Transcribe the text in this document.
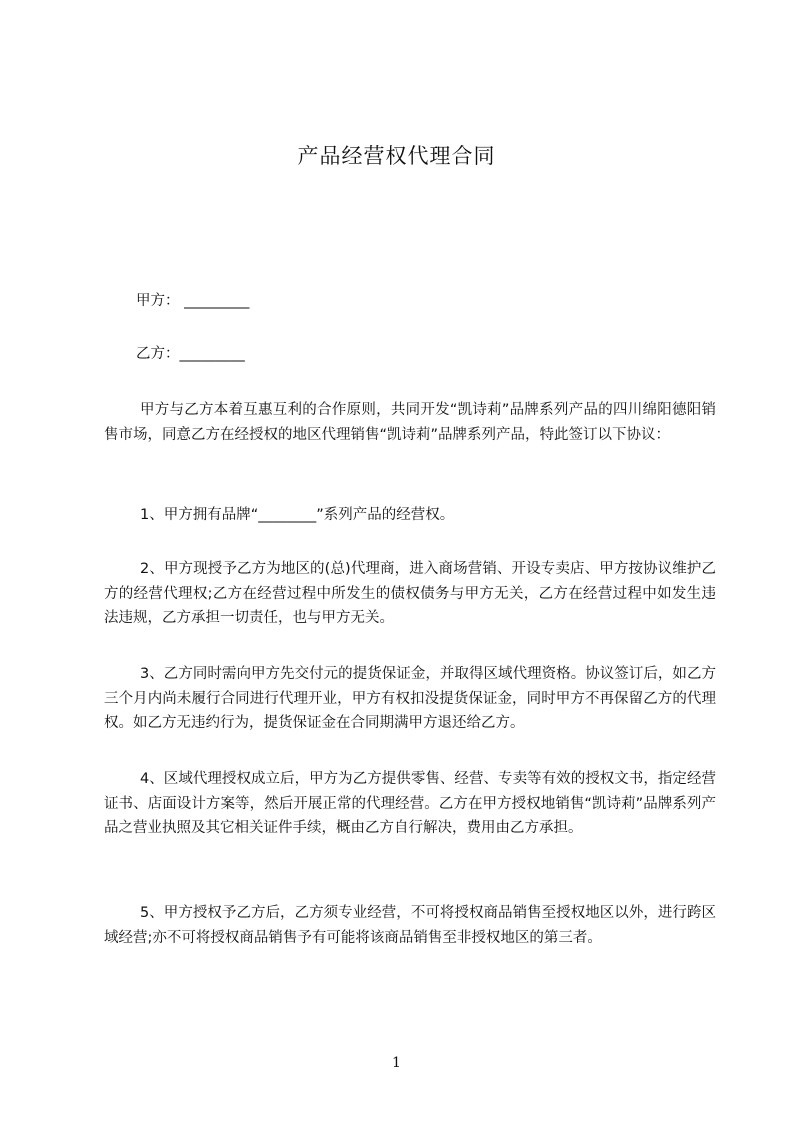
产品经营权代理合同
甲方： _________
乙方：_________
甲方与乙方本着互惠互利的合作原则，共同开发“凯诗莉”品牌系列产品的四川绵阳德阳销售市场，同意乙方在经授权的地区代理销售“凯诗莉”品牌系列产品，特此签订以下协议：
1、甲方拥有品牌“________”系列产品的经营权。
2、甲方现授予乙方为地区的(总)代理商，进入商场营销、开设专卖店、甲方按协议维护乙方的经营代理权;乙方在经营过程中所发生的债权债务与甲方无关，乙方在经营过程中如发生违法违规，乙方承担一切责任，也与甲方无关。
3、乙方同时需向甲方先交付元的提货保证金，并取得区域代理资格。协议签订后，如乙方三个月内尚未履行合同进行代理开业，甲方有权扣没提货保证金，同时甲方不再保留乙方的代理权。如乙方无违约行为，提货保证金在合同期满甲方退还给乙方。
4、区域代理授权成立后，甲方为乙方提供零售、经营、专卖等有效的授权文书，指定经营证书、店面设计方案等，然后开展正常的代理经营。乙方在甲方授权地销售“凯诗莉”品牌系列产品之营业执照及其它相关证件手续，概由乙方自行解决，费用由乙方承担。
5、甲方授权予乙方后，乙方须专业经营，不可将授权商品销售至授权地区以外，进行跨区域经营;亦不可将授权商品销售予有可能将该商品销售至非授权地区的第三者。
1
